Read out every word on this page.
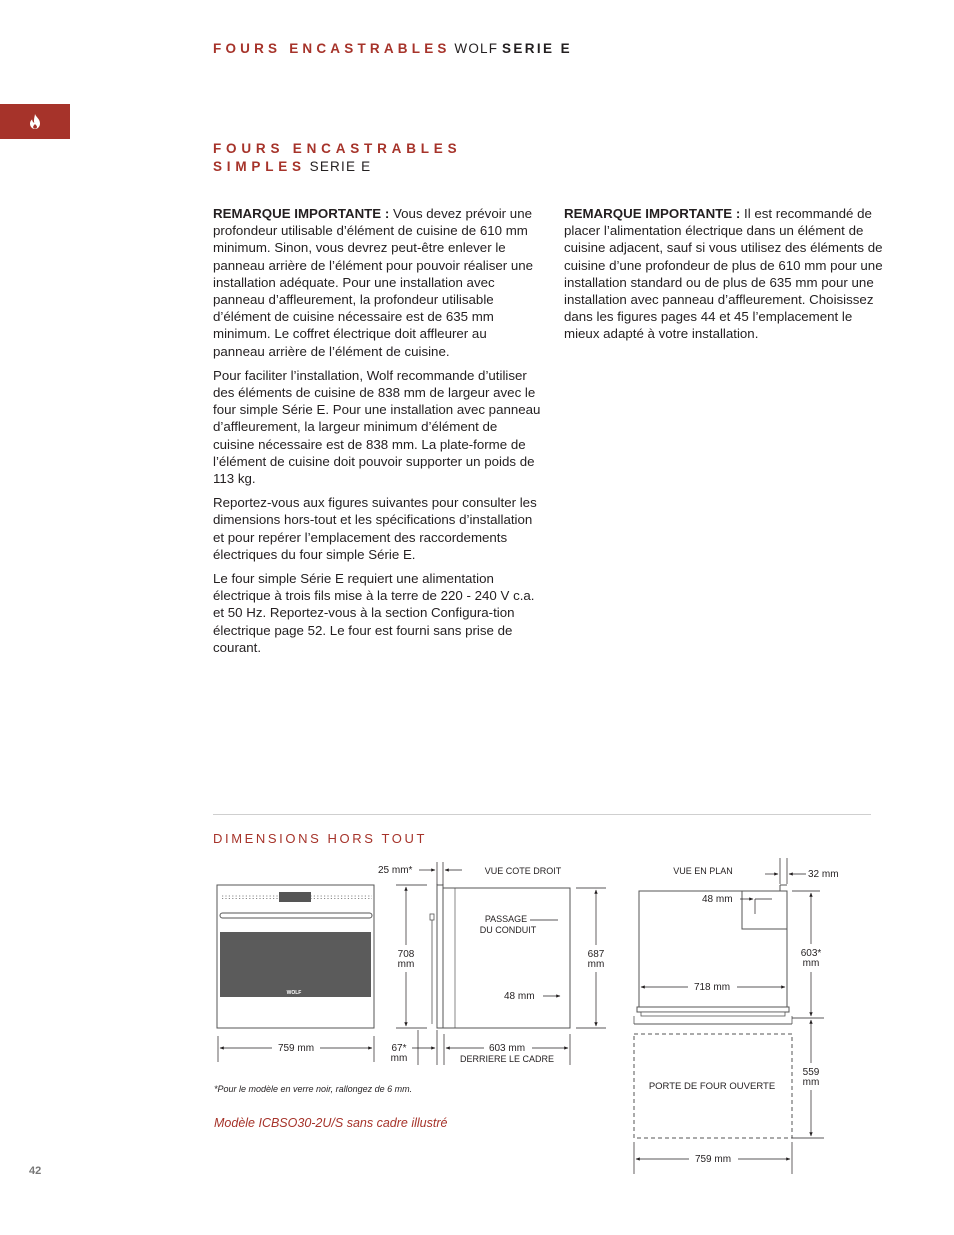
FOURS ENCASTRABLES WOLF SERIE E
FOURS ENCASTRABLES
SIMPLES SERIE E

REMARQUE IMPORTANTE : Vous devez prévoir une profondeur utilisable d’élément de cuisine de 610 mm minimum. Sinon, vous devrez peut-être enlever le panneau arrière de l’élément pour pouvoir réaliser une installation adéquate. Pour une installation avec panneau d’affleurement, la profondeur utilisable d’élément de cuisine nécessaire est de 635 mm minimum. Le coffret électrique doit affleurer au panneau arrière de l’élément de cuisine.

Pour faciliter l’installation, Wolf recommande d’utiliser des éléments de cuisine de 838 mm de largeur avec le four simple Série E. Pour une installation avec panneau d’affleurement, la largeur minimum d’élément de cuisine nécessaire est de 838 mm. La plate-forme de l’élément de cuisine doit pouvoir supporter un poids de 113 kg.

Reportez-vous aux figures suivantes pour consulter les dimensions hors-tout et les spécifications d’installation et pour repérer l’emplacement des raccordements électriques du four simple Série E.

Le four simple Série E requiert une alimentation électrique à trois fils mise à la terre de 220 - 240 V c.a. et 50 Hz. Reportez-vous à la section Configura-tion électrique page 52. Le four est fourni sans prise de courant.

REMARQUE IMPORTANTE : Il est recommandé de placer l’alimentation électrique dans un élément de cuisine adjacent, sauf si vous utilisez des éléments de cuisine d’une profondeur de plus de 610 mm pour une installation standard ou de plus de 635 mm pour une installation avec panneau d’affleurement. Choisissez dans les figures pages 44 et 45 l’emplacement le mieux adapté à votre installation.

DIMENSIONS HORS TOUT
WOLF
759 mm
VUE COTE DROIT
PASSAGE
DU CONDUIT
48 mm
25 mm*
708
mm
67*
mm
687
mm
603 mm
DERRIERE LE CADRE
VUE EN PLAN	32 mm
48 mm
718 mm
PORTE DE FOUR OUVERTE
603*
mm
559
mm
759 mm
*Pour le modèle en verre noir, rallongez de 6 mm.
Modèle ICBSO30-2U/S sans cadre illustré
42
